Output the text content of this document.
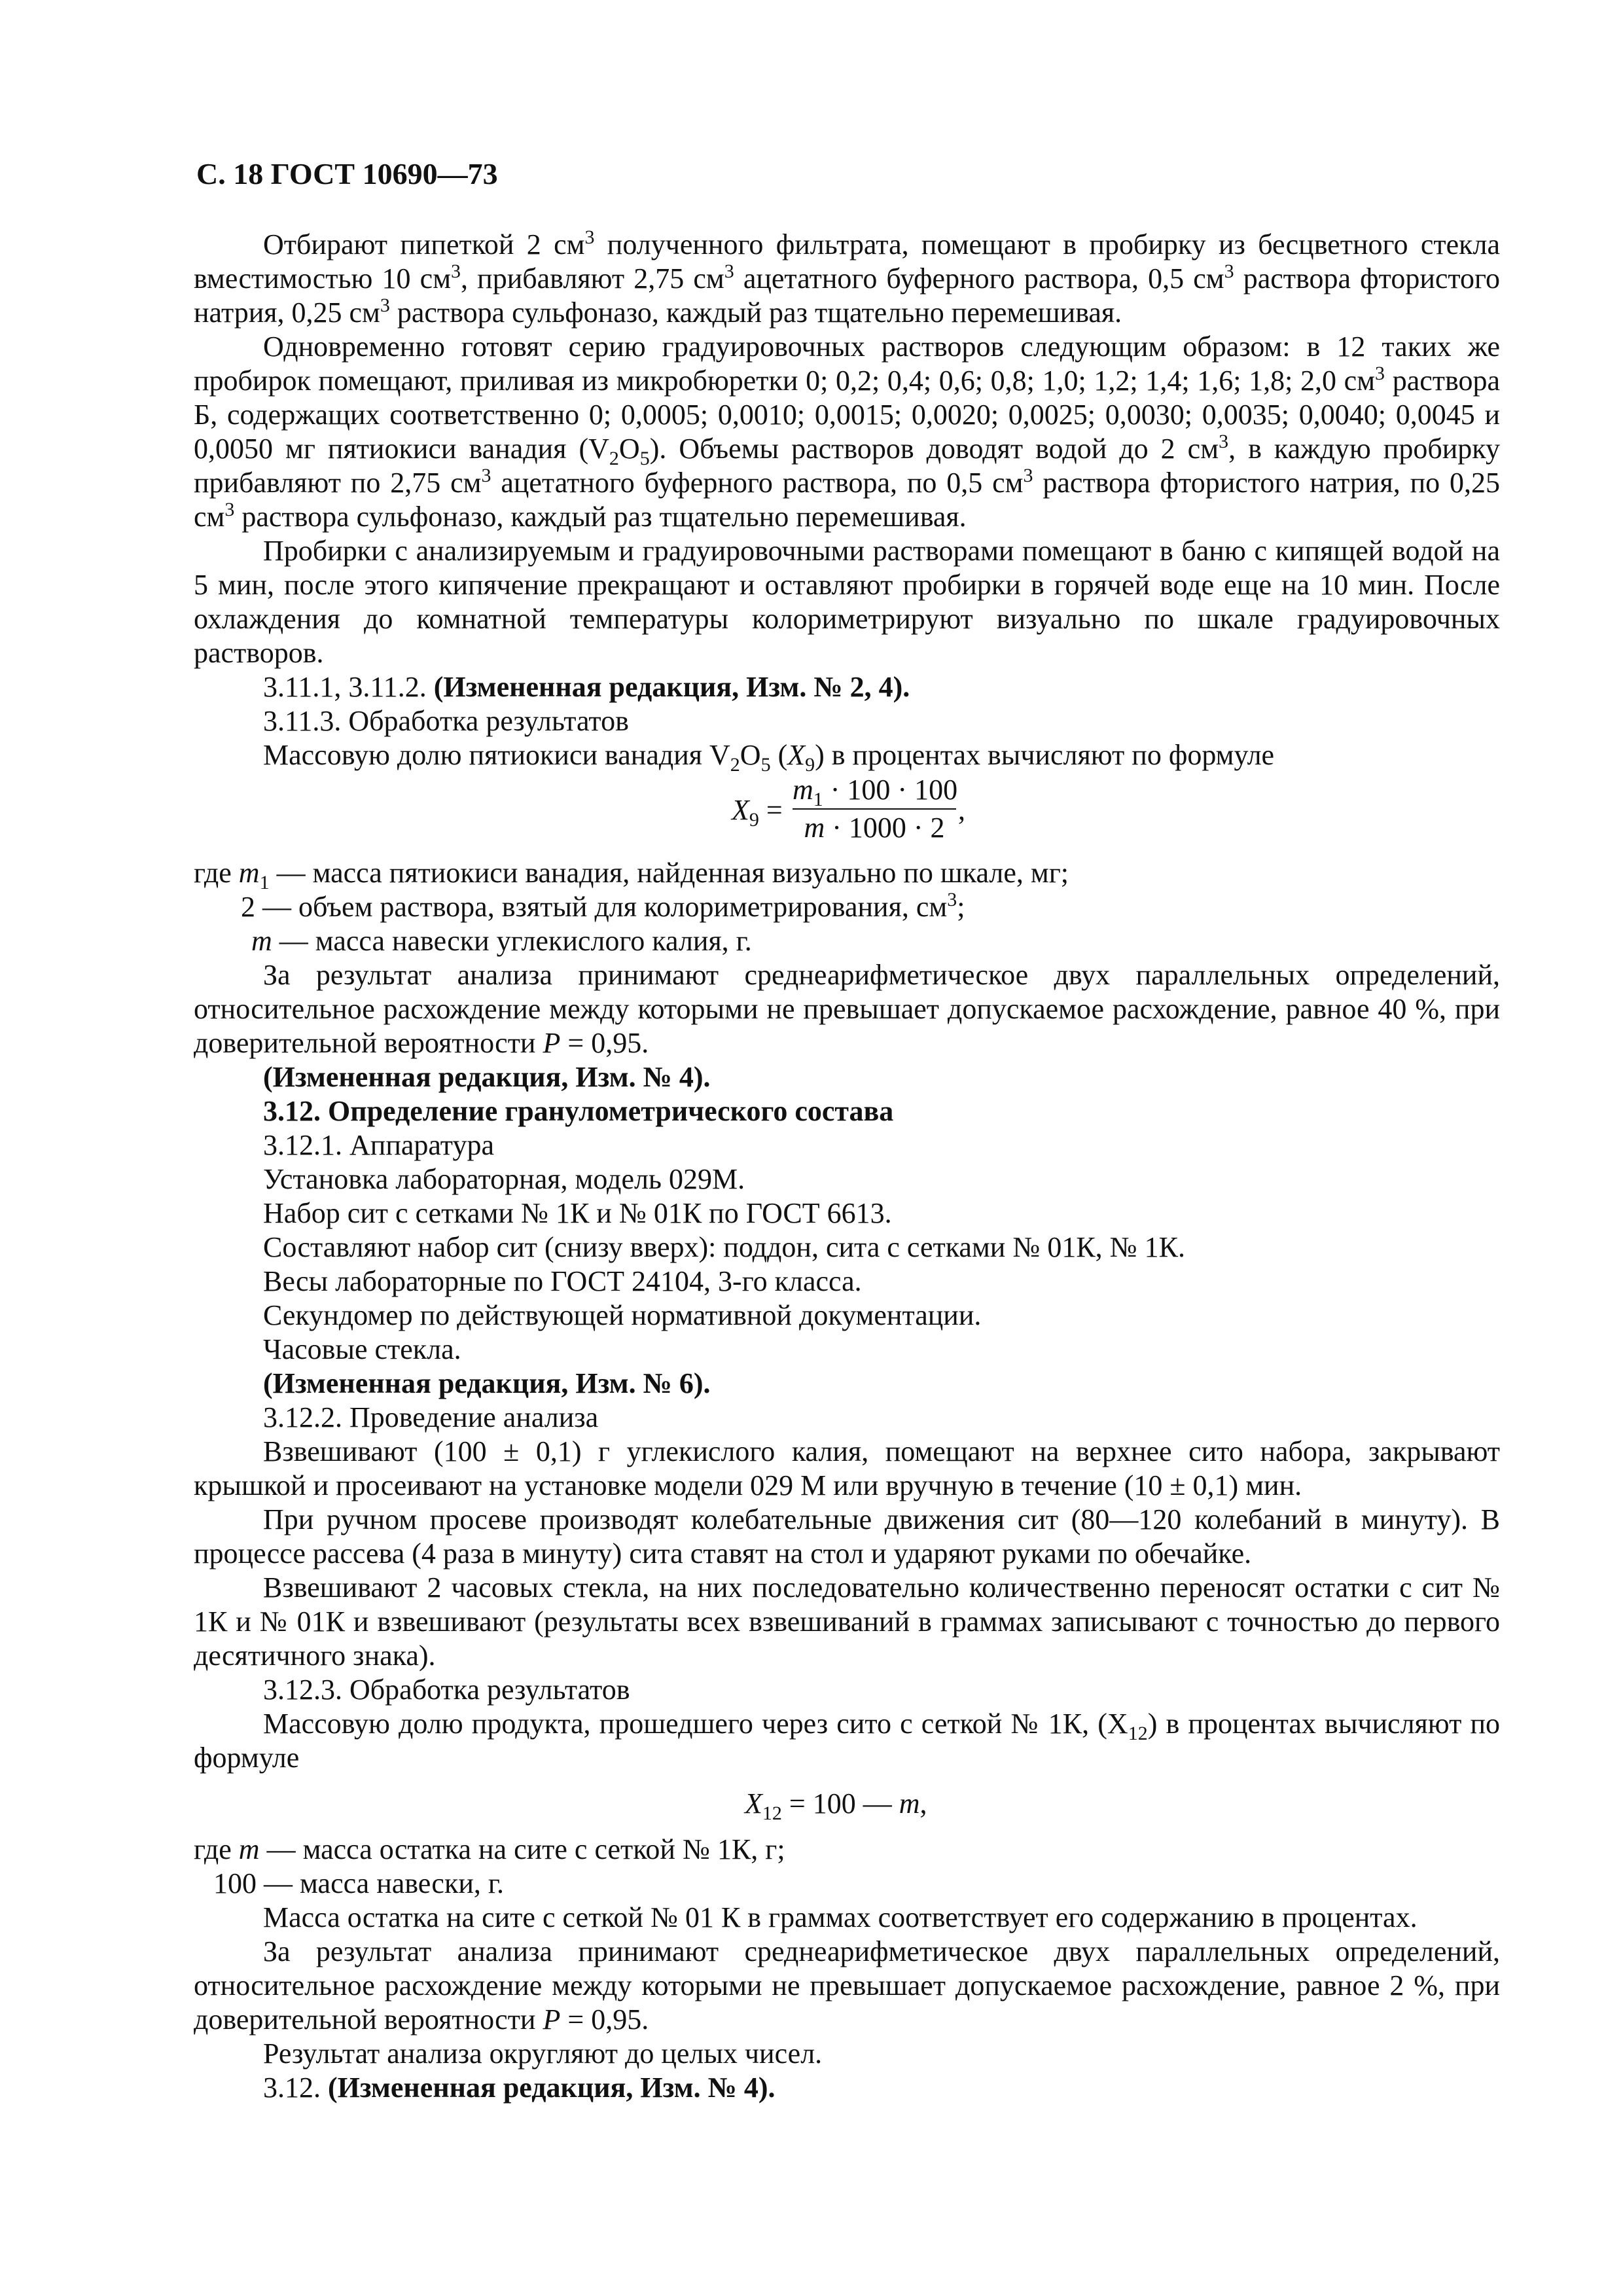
С. 18 ГОСТ 10690—73

Отбирают пипеткой 2 $см^3$ полученного фильтрата, помещают в пробирку из бесцветного стекла вместимостью 10 $см^3$, прибавляют 2,75 $см^3$ ацетатного буферного раствора, 0,5 $см^3$ раствора фтористого натрия, 0,25 $см^3$ раствора сульфоназо, каждый раз тщательно перемешивая.

Одновременно готовят серию градуировочных растворов следующим образом: в 12 таких же пробирок помещают, приливая из микробюретки 0; 0,2; 0,4; 0,6; 0,8; 1,0; 1,2; 1,4; 1,6; 1,8; 2,0 $см^3$ раствора Б, содержащих соответственно 0; 0,0005; 0,0010; 0,0015; 0,0020; 0,0025; 0,0030; 0,0035; 0,0040; 0,0045 и 0,0050 мг пятиокиси ванадия $(V_2O_5)$. Объемы растворов доводят водой до 2 $см^3$, в каждую пробирку прибавляют по 2,75 $см^3$ ацетатного буферного раствора, по 0,5 $см^3$ раствора фтористого натрия, по 0,25 $см^3$ раствора сульфоназо, каждый раз тщательно перемешивая.

Пробирки с анализируемым и градуировочными растворами помещают в баню с кипящей водой на 5 мин, после этого кипячение прекращают и оставляют пробирки в горячей воде еще на 10 мин. После охлаждения до комнатной температуры колориметрируют визуально по шкале градуировочных растворов.

3.11.1, 3.11.2. (Измененная редакция, Изм. № 2, 4).

3.11.3. Обработка результатов

Массовую долю пятиокиси ванадия $V_2O_5$ $(X_9)$ в процентах вычисляют по формуле

$X_9 = \frac{m_1 \cdot 100 \cdot 100}{m \cdot 1000 \cdot 2}$ ,

где $m_1$ — масса пятиокиси ванадия, найденная визуально по шкале, мг;

2 — объем раствора, взятый для колориметрирования, $см^3$;

m — масса навески углекислого калия, г.

За результат анализа принимают среднеарифметическое двух параллельных определений, относительное расхождение между которыми не превышает допускаемое расхождение, равное 40 %, при доверительной вероятности P = 0,95.

(Измененная редакция, Изм. № 4).

3.12. Определение гранулометрического состава

3.12.1. Аппаратура

Установка лабораторная, модель 029М.

Набор сит с сетками № 1К и № 01К по ГОСТ 6613.

Составляют набор сит (снизу вверх): поддон, сита с сетками № 01К, № 1К.

Весы лабораторные по ГОСТ 24104, 3-го класса.

Секундомер по действующей нормативной документации.

Часовые стекла.

(Измененная редакция, Изм. № 6).

3.12.2. Проведение анализа

Взвешивают (100 ± 0,1) г углекислого калия, помещают на верхнее сито набора, закрывают крышкой и просеивают на установке модели 029 М или вручную в течение (10 ± 0,1) мин.

При ручном просеве производят колебательные движения сит (80—120 колебаний в минуту). В процессе рассева (4 раза в минуту) сита ставят на стол и ударяют руками по обечайке.

Взвешивают 2 часовых стекла, на них последовательно количественно переносят остатки с сит № 1К и № 01К и взвешивают (результаты всех взвешиваний в граммах записывают с точностью до первого десятичного знака).

3.12.3. Обработка результатов

Массовую долю продукта, прошедшего через сито с сеткой № 1К, $(X_{12})$ в процентах вычисляют по формуле

$X_{12} = 100$ — m,

где m — масса остатка на сите с сеткой № 1К, г;

100 — масса навески, г.

Масса остатка на сите с сеткой № 01 К в граммах соответствует его содержанию в процентах.

За результат анализа принимают среднеарифметическое двух параллельных определений, относительное расхождение между которыми не превышает допускаемое расхождение, равное 2 %, при доверительной вероятности P = 0,95.

Результат анализа округляют до целых чисел.

3.12. (Измененная редакция, Изм. № 4).
